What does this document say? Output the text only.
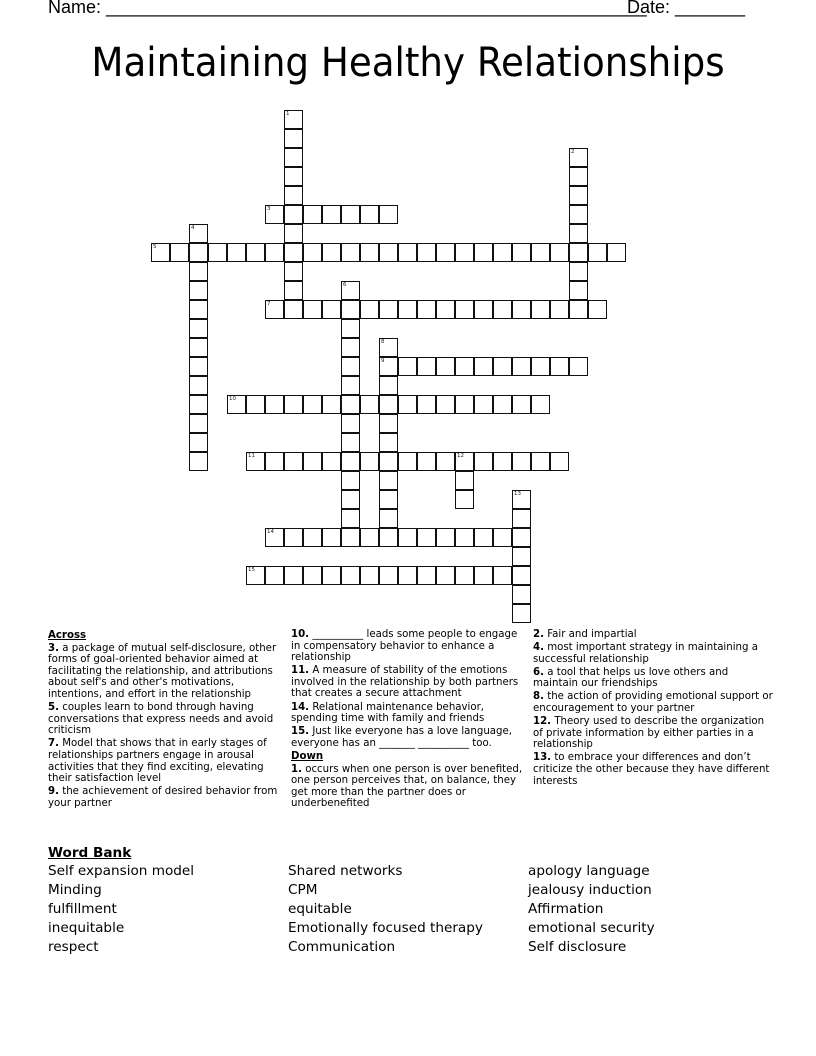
Name: ______________________________________________________
Date: _______
Maintaining Healthy Relationships
1
2
3
4
5
6
7
8
9
10
11	12
13
14
15
Across
3. a package of mutual self-disclosure, other forms of goal-oriented behavior aimed at facilitating the relationship, and attributions about self's and other's motivations, intentions, and effort in the relationship
5. couples learn to bond through having conversations that express needs and avoid criticism
7. Model that shows that in early stages of relationships partners engage in arousal activities that they find exciting, elevating their satisfaction level
9. the achievement of desired behavior from your partner
10. __________ leads some people to engage in compensatory behavior to enhance a relationship
11. A measure of stability of the emotions involved in the relationship by both partners that creates a secure attachment
14. Relational maintenance behavior, spending time with family and friends
15. Just like everyone has a love language, everyone has an _______ __________ too.
Down
1. occurs when one person is over benefited, one person perceives that, on balance, they get more than the partner does or underbenefited
2. Fair and impartial
4. most important strategy in maintaining a successful relationship
6. a tool that helps us love others and maintain our friendships
8. the action of providing emotional support or encouragement to your partner
12. Theory used to describe the organization of private information by either parties in a relationship
13. to embrace your differences and don’t criticize the other because they have different interests
Word Bank
Self expansion model	Shared networks	apology language
Minding	CPM	jealousy induction
fulfillment	equitable	Affirmation
inequitable	Emotionally focused therapy	emotional security
respect	Communication	Self disclosure
